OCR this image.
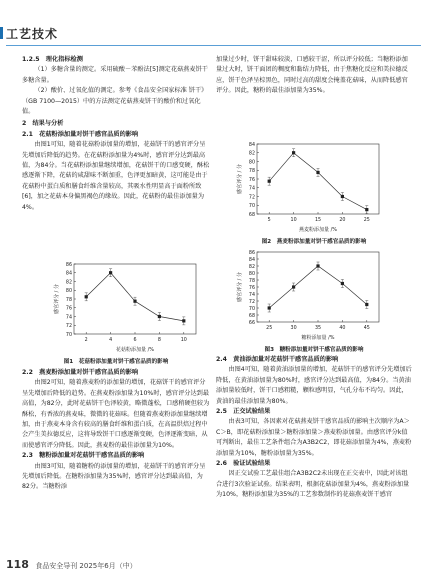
工艺技术

1.2.5　理化指标检测

（1）多糖含量的测定。采用硫酸－苯酚法[5]测定花菇燕麦饼干多糖含量。

（2）酸价、过氧化值的测定。参考《食品安全国家标准 饼干》（GB 7100—2015）中的方法测定花菇燕麦饼干的酸价和过氧化值。

2　结果与分析

2.1　花菇粉添加量对饼干感官品质的影响

由图1可知，随着花菇粉添加量的增加，花菇饼干的感官评分呈先增加后降低的趋势。在花菇粉添加量为4%时，感官评分达到最高值，为84分。当花菇粉添加量继续增加，花菇饼干的口感变硬，酥松感逐渐下降，花菇的咸甜味不断加重，色泽更加暗黄，这可能是由于花菇粉中蛋白质和膳食纤维含量较高，其吸水性明显高于面粉所致[6]，加之花菇本身偏黑褐色的缘故。因此，花菇粉的最佳添加量为4%。

70
72
74
76
78
80
82
84
86
2	4	6	8	10
花菇粉添加量 /%
感官评分 / 分
图1　花菇粉添加量对饼干感官品质的影响

2.2　燕麦粉添加量对饼干感官品质的影响

由图2可知，随着燕麦粉的添加量的增加，花菇饼干的感官评分呈先增加后降低的趋势。在燕麦粉添加量为10%时，感官评分达到最高值，为82分，此时花菇饼干色泽较黄，略微蓬松，口感稍硬但较为酥松，有香浓的燕麦味，微微的花菇味。但随着燕麦粉添加量继续增加，由于燕麦本身含有较高的膳食纤维和蛋白质，在高温烘焙过程中会产生美拉德反应，这将导致饼干口感逐渐变硬，色泽逐渐变暗，从而使感官评分降低。因此，燕麦粉的最佳添加量为10%。

2.3　糖粉添加量对花菇饼干感官品质的影响

由图3可知，随着糖粉的添加量的增加，花菇饼干的感官评分呈先增加后降低。在糖粉添加量为35%时，感官评分达到最高值，为82分。当糖粉添

加量过少时，饼干甜味较淡，口感较干涩，所以评分较低；当糖粉添加量过大时，饼干面团的稠度和黏结力降低，由于焦糖化反应和美拉德反应，饼干色泽呈棕黑色，同时过高的甜度会掩盖花菇味，从而降低感官评分。因此，糖粉的最佳添加量为35%。

68
70
72
74
76
78
80
82
84
5	10	15	20	25
燕麦粉添加量 /%
感官评分 / 分
图2　燕麦粉添加量对饼干感官品质的影响
66
68
70
72
74
76
78
80
82
84
86
25	30	35	40	45
糖粉添加量 /%
感官评分 / 分
图3　糖粉添加量对饼干感官品质的影响

2.4　黄油添加量对花菇饼干感官品质的影响

由图4可知，随着黄油添加量的增加，花菇饼干的感官评分先增加后降低，在黄油添加量为80%时，感官评分达到最高值，为84分。当黄油添加量较低时，饼干口感粗糙，颗粒感明显，气孔分布不均匀。因此，黄油的最佳添加量为80%。

2.5　正交试验结果

由表3可知，各因素对花菇燕麦饼干感官品质的影响主次顺序为A＞C＞B，即花菇粉添加量＞糖粉添加量＞燕麦粉添加量。由感官评分k值可判断出，最佳工艺条件组合为A3B2C2，即花菇添加量为4%，燕麦粉添加量为10%，糖粉添加量为35%。

2.6　验证试验结果

因正交试验工艺最佳组合A3B2C2未出现在正交表中，因此对该组合进行3次验证试验。结果表明，根据花菇添加量为4%，燕麦粉添加量为10%，糖粉添加量为35%的工艺参数制作的花菇燕麦饼干感官

118 食品安全导刊 2025年6月（中）
